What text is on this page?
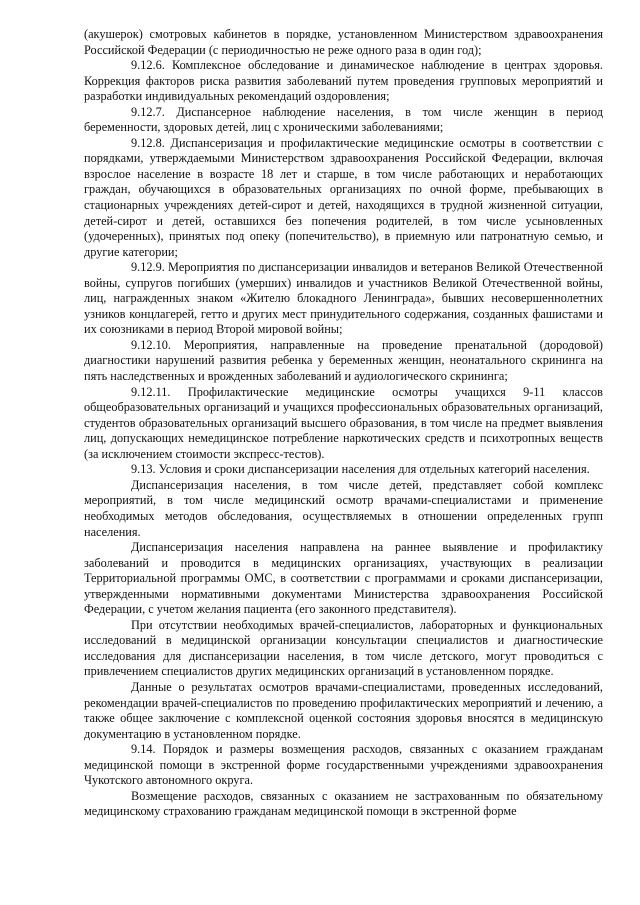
(акушерок) смотровых кабинетов в порядке, установленном Министерством здравоохранения Российской Федерации (с периодичностью не реже одного раза в один год);

9.12.6. Комплексное обследование и динамическое наблюдение в центрах здоровья. Коррекция факторов риска развития заболеваний путем проведения групповых мероприятий и разработки индивидуальных рекомендаций оздоровления;

9.12.7. Диспансерное наблюдение населения, в том числе женщин в период беременности, здоровых детей, лиц с хроническими заболеваниями;

9.12.8. Диспансеризация и профилактические медицинские осмотры в соответствии с порядками, утверждаемыми Министерством здравоохранения Российской Федерации, включая взрослое население в возрасте 18 лет и старше, в том числе работающих и неработающих граждан, обучающихся в образовательных организациях по очной форме, пребывающих в стационарных учреждениях детей-сирот и детей, находящихся в трудной жизненной ситуации, детей-сирот и детей, оставшихся без попечения родителей, в том числе усыновленных (удочеренных), принятых под опеку (попечительство), в приемную или патронатную семью, и другие категории;

9.12.9. Мероприятия по диспансеризации инвалидов и ветеранов Великой Отечественной войны, супругов погибших (умерших) инвалидов и участников Великой Отечественной войны, лиц, награжденных знаком «Жителю блокадного Ленинграда», бывших несовершеннолетних узников концлагерей, гетто и других мест принудительного содержания, созданных фашистами и их союзниками в период Второй мировой войны;

9.12.10. Мероприятия, направленные на проведение пренатальной (дородовой) диагностики нарушений развития ребенка у беременных женщин, неонатального скрининга на пять наследственных и врожденных заболеваний и аудиологического скрининга;

9.12.11. Профилактические медицинские осмотры учащихся 9-11 классов общеобразовательных организаций и учащихся профессиональных образовательных организаций, студентов образовательных организаций высшего образования, в том числе на предмет выявления лиц, допускающих немедицинское потребление наркотических средств и психотропных веществ (за исключением стоимости экспресс-тестов).

9.13. Условия и сроки диспансеризации населения для отдельных категорий населения.

Диспансеризация населения, в том числе детей, представляет собой комплекс мероприятий, в том числе медицинский осмотр врачами-специалистами и применение необходимых методов обследования, осуществляемых в отношении определенных групп населения.

Диспансеризация населения направлена на раннее выявление и профилактику заболеваний и проводится в медицинских организациях, участвующих в реализации Территориальной программы ОМС, в соответствии с программами и сроками диспансеризации, утвержденными нормативными документами Министерства здравоохранения Российской Федерации, с учетом желания пациента (его законного представителя).

При отсутствии необходимых врачей-специалистов, лабораторных и функциональных исследований в медицинской организации консультации специалистов и диагностические исследования для диспансеризации населения, в том числе детского, могут проводиться с привлечением специалистов других медицинских организаций в установленном порядке.

Данные о результатах осмотров врачами-специалистами, проведенных исследований, рекомендации врачей-специалистов по проведению профилактических мероприятий и лечению, а также общее заключение с комплексной оценкой состояния здоровья вносятся в медицинскую документацию в установленном порядке.

9.14. Порядок и размеры возмещения расходов, связанных с оказанием гражданам медицинской помощи в экстренной форме государственными учреждениями здравоохранения Чукотского автономного округа.

Возмещение расходов, связанных с оказанием не застрахованным по обязательному медицинскому страхованию гражданам медицинской помощи в экстренной форме
